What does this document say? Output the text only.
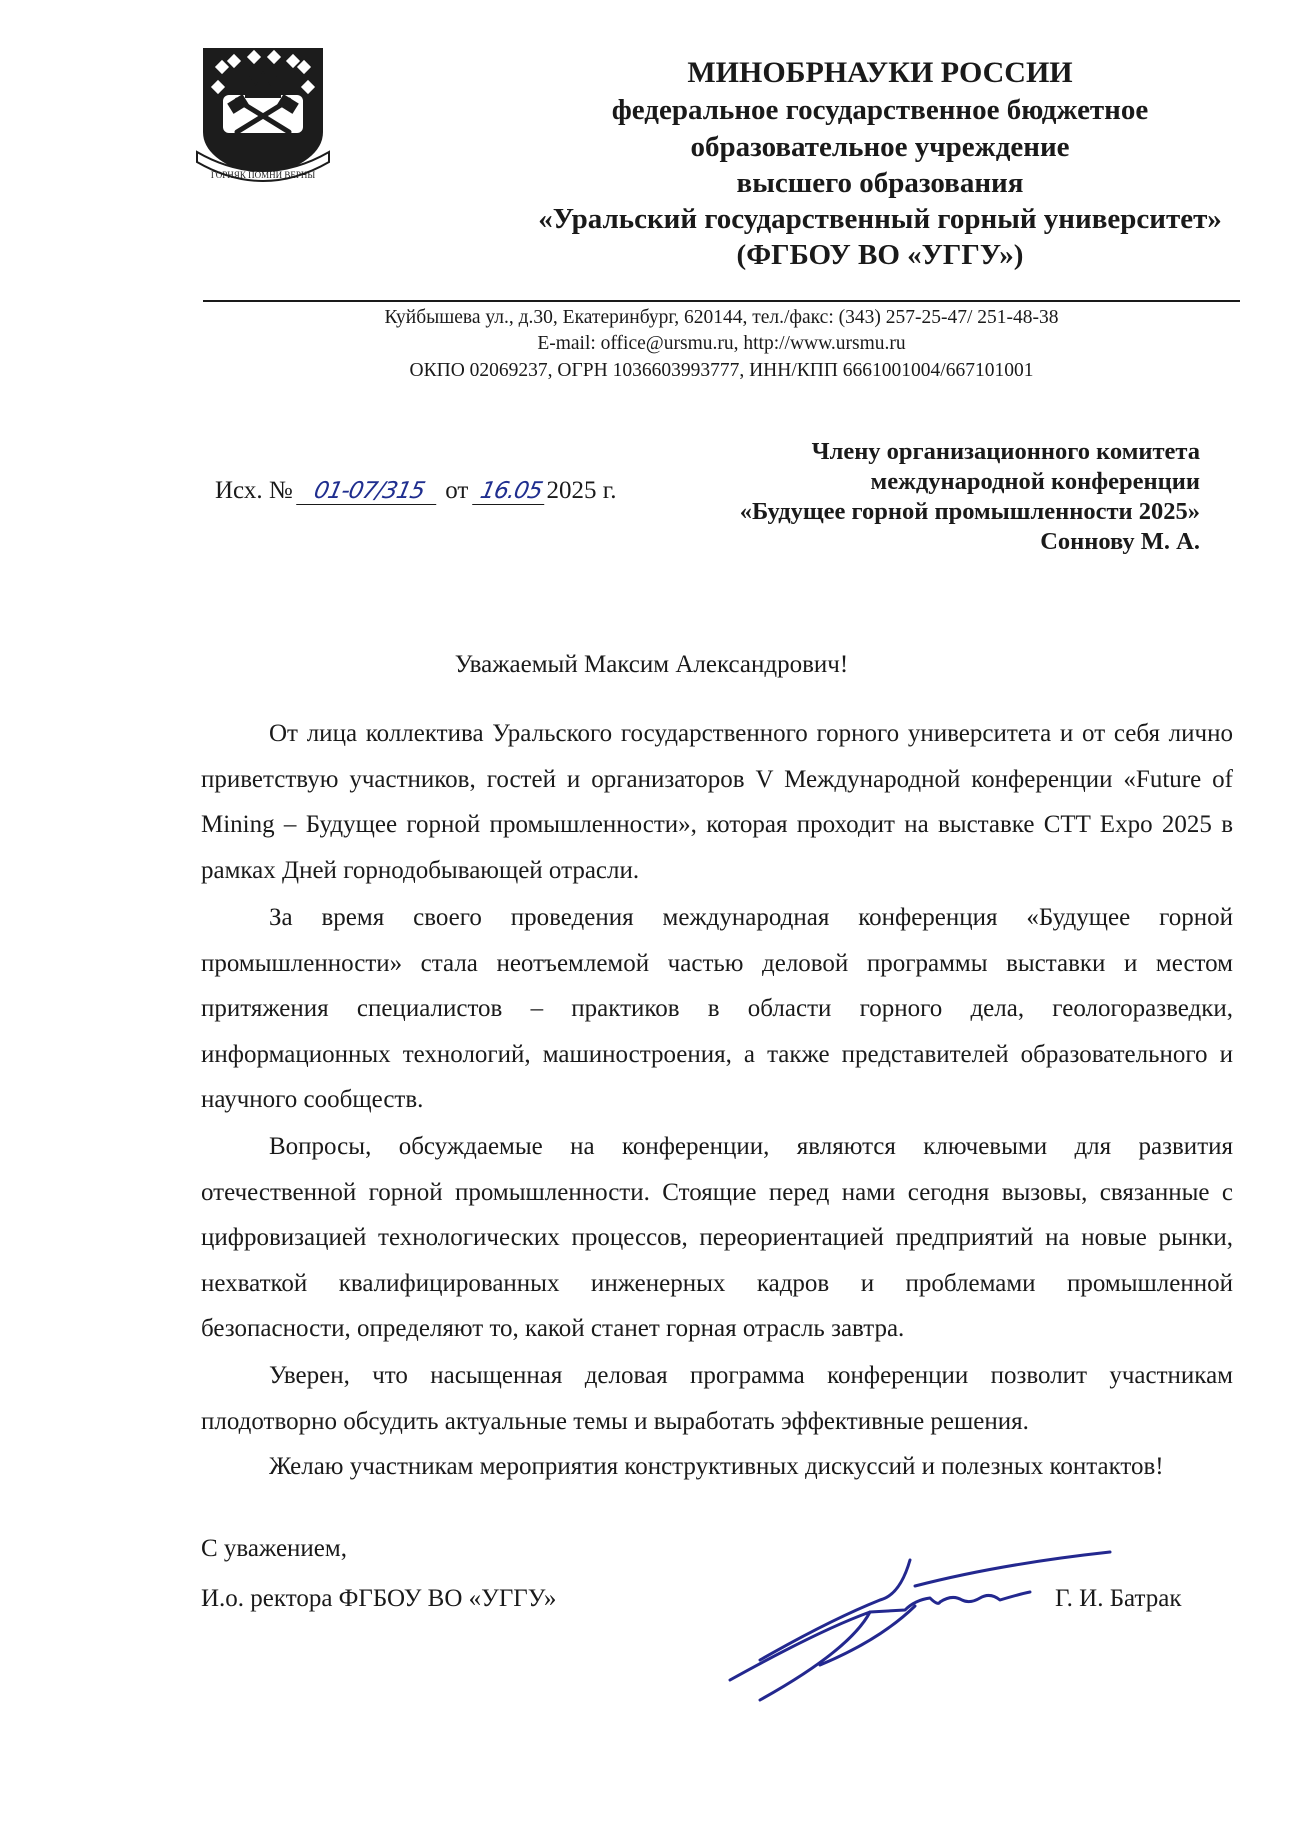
ГОРНЯК ПОМНИ ВЕРНЫ
МИНОБРНАУКИ РОССИИ
федеральное государственное бюджетное
образовательное учреждение
высшего образования
«Уральский государственный горный университет»
(ФГБОУ ВО «УГГУ»)
Куйбышева ул., д.30, Екатеринбург, 620144, тел./факс: (343) 257-25-47/ 251-48-38
E-mail: office@ursmu.ru, http://www.ursmu.ru
ОКПО 02069237, ОГРН 1036603993777, ИНН/КПП 6661001004/667101001
Исх. № 01-07/315 от 16.05 2025 г.
Члену организационного комитета
международной конференции
«Будущее горной промышленности 2025»
Соннову М. А.
Уважаемый Максим Александрович!
От лица коллектива Уральского государственного горного университета и от себя лично приветствую участников, гостей и организаторов V Международной конференции «Future of Mining – Будущее горной промышленности», которая проходит на выставке CTT Expo 2025 в рамках Дней горнодобывающей отрасли.
За время своего проведения международная конференция «Будущее горной промышленности» стала неотъемлемой частью деловой программы выставки и местом притяжения специалистов – практиков в области горного дела, геологоразведки, информационных технологий, машиностроения, а также представителей образовательного и научного сообществ.
Вопросы, обсуждаемые на конференции, являются ключевыми для развития отечественной горной промышленности. Стоящие перед нами сегодня вызовы, связанные с цифровизацией технологических процессов, переориентацией предприятий на новые рынки, нехваткой квалифицированных инженерных кадров и проблемами промышленной безопасности, определяют то, какой станет горная отрасль завтра.
Уверен, что насыщенная деловая программа конференции позволит участникам плодотворно обсудить актуальные темы и выработать эффективные решения.
Желаю участникам мероприятия конструктивных дискуссий и полезных контактов!
С уважением,
И.о. ректора ФГБОУ ВО «УГГУ»	Г. И. Батрак
